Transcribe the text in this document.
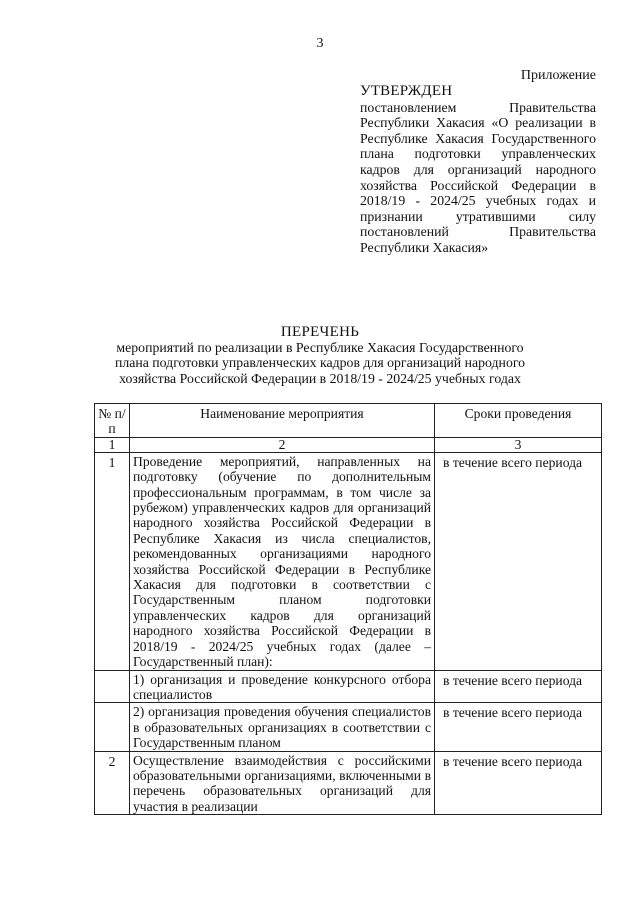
3
Приложение
УТВЕРЖДЕН
постановлением Правительства Республики Хакасия «О реализации в Республике Хакасия Государственного плана подготовки управленческих кадров для организаций народного хозяйства Российской Федерации в 2018/19 - 2024/25 учебных годах и признании утратившими силу постановлений Правительства Республики Хакасия»
ПЕРЕЧЕНЬ
мероприятий по реализации в Республике Хакасия Государственного плана подготовки управленческих кадров для организаций народного хозяйства Российской Федерации в 2018/19 - 2024/25 учебных годах
№ п/п	Наименование мероприятия	Сроки проведения
1	2	3
1	Проведение мероприятий, направленных на подготовку (обучение по дополнительным профессиональным программам, в том числе за рубежом) управленческих кадров для организаций народного хозяйства Российской Федерации в Республике Хакасия из числа специалистов, рекомендованных организациями народного хозяйства Российской Федерации в Республике Хакасия для подготовки в соответствии с Государственным планом подготовки управленческих кадров для организаций народного хозяйства Российской Федерации в 2018/19 - 2024/25 учебных годах (далее – Государственный план):	в течение всего периода
	1) организация и проведение конкурсного отбора специалистов	в течение всего периода
	2) организация проведения обучения специалистов в образовательных организациях в соответствии с Государственным планом	в течение всего периода
2	Осуществление взаимодействия с российскими образовательными организациями, включенными в перечень образовательных организаций для участия в реализации	в течение всего периода
